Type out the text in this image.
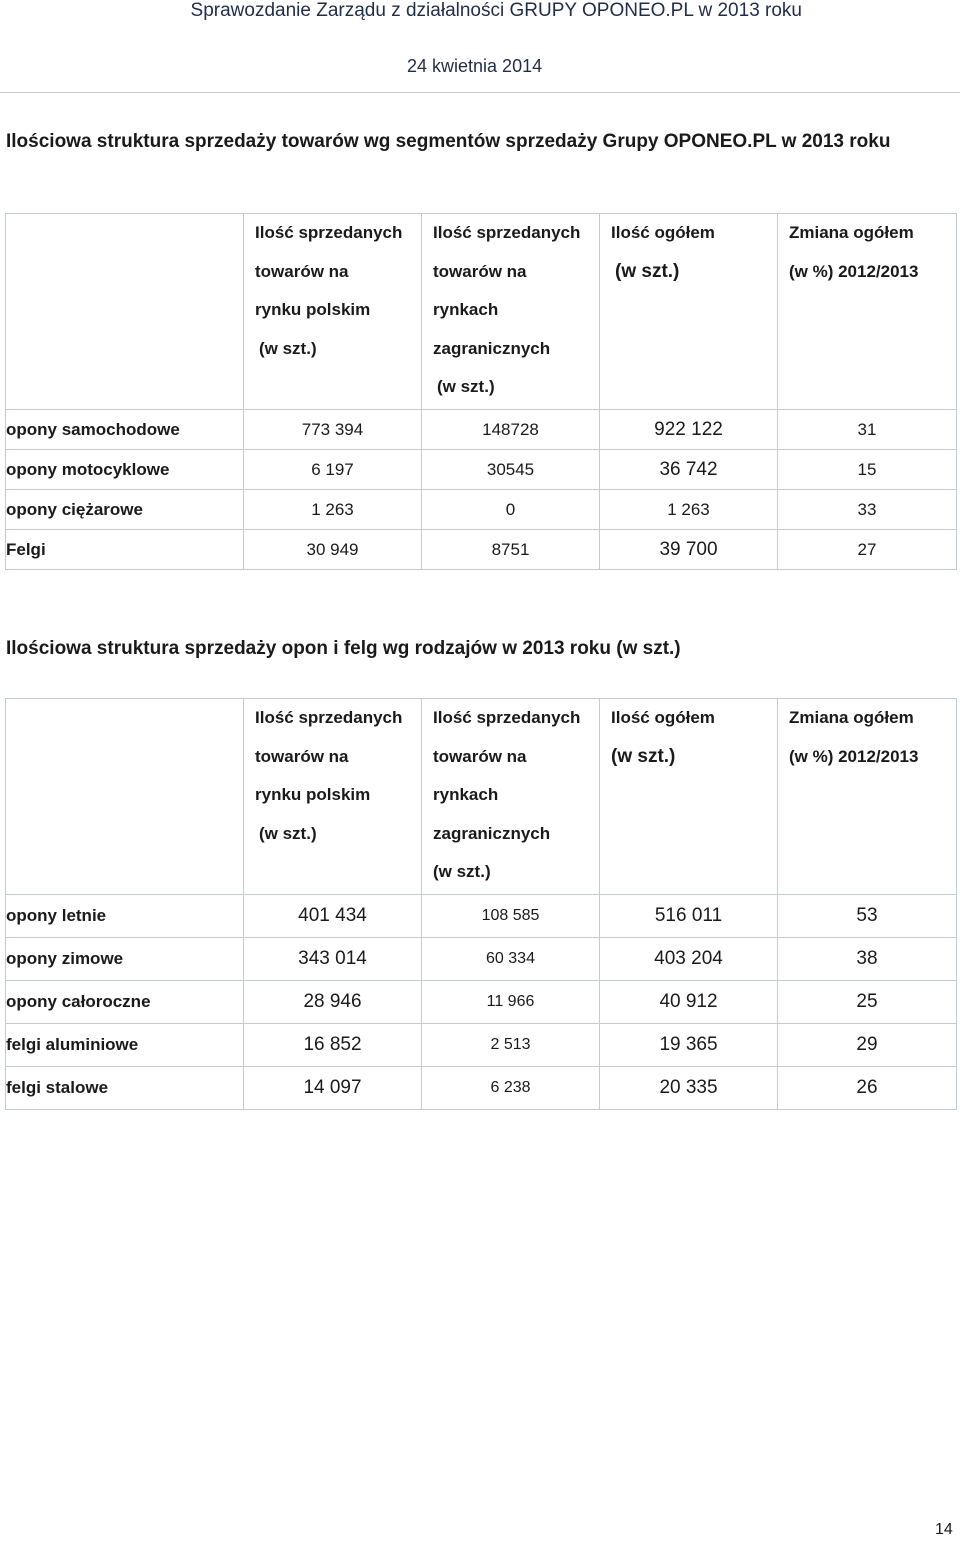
Sprawozdanie Zarządu z działalności GRUPY OPONEO.PL w 2013 roku
24 kwietnia 2014
Ilościowa struktura sprzedaży towarów wg segmentów sprzedaży Grupy OPONEO.PL w 2013 roku

	Ilość sprzedanych
towarów na
rynku polskim
(w szt.)	Ilość sprzedanych
towarów na
rynkach
zagranicznych
(w szt.)	Ilość ogółem
(w szt.)	Zmiana ogółem
(w %) 2012/2013

opony samochodowe	773 394	148728	922 122	31
opony motocyklowe	6 197	30545	36 742	15
opony ciężarowe	1 263	0	1 263	33
Felgi	30 949	8751	39 700	27
Ilościowa struktura sprzedaży opon i felg wg rodzajów w 2013 roku (w szt.)

	Ilość sprzedanych
towarów na
rynku polskim
(w szt.)	Ilość sprzedanych
towarów na
rynkach
zagranicznych
(w szt.)	Ilość ogółem
(w szt.)	Zmiana ogółem
(w %) 2012/2013

opony letnie	401 434	108 585	516 011	53
opony zimowe	343 014	60 334	403 204	38
opony całoroczne	28 946	11 966	40 912	25
felgi aluminiowe	16 852	2 513	19 365	29
felgi stalowe	14 097	6 238	20 335	26
14
